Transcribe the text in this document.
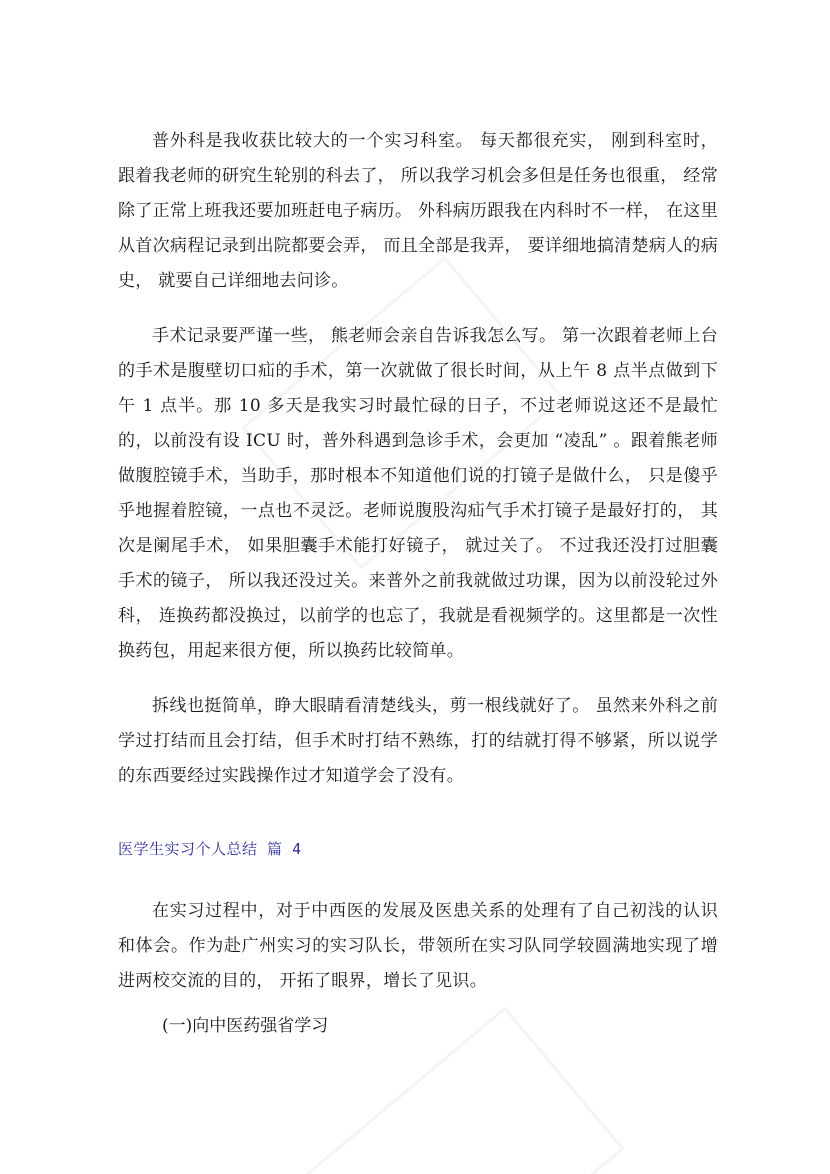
普外科是我收获比较大的一个实习科室。 每天都很充实， 刚到科室时， 跟着我老师的研究生轮别的科去了， 所以我学习机会多但是任务也很重， 经常除了正常上班我还要加班赶电子病历。 外科病历跟我在内科时不一样， 在这里从首次病程记录到出院都要会弄， 而且全部是我弄， 要详细地搞清楚病人的病史， 就要自己详细地去问诊。

手术记录要严谨一些， 熊老师会亲自告诉我怎么写。 第一次跟着老师上台的手术是腹壁切口疝的手术，第一次就做了很长时间，从上午 8 点半点做到下午 1 点半。那 10 多天是我实习时最忙碌的日子，不过老师说这还不是最忙的，以前没有设 ICU 时，普外科遇到急诊手术，会更加 “凌乱” 。跟着熊老师做腹腔镜手术，当助手，那时根本不知道他们说的打镜子是做什么， 只是傻乎乎地握着腔镜，一点也不灵泛。老师说腹股沟疝气手术打镜子是最好打的， 其次是阑尾手术， 如果胆囊手术能打好镜子， 就过关了。 不过我还没打过胆囊手术的镜子， 所以我还没过关。来普外之前我就做过功课，因为以前没轮过外科， 连换药都没换过，以前学的也忘了，我就是看视频学的。这里都是一次性换药包，用起来很方便，所以换药比较简单。

拆线也挺简单，睁大眼睛看清楚线头，剪一根线就好了。 虽然来外科之前学过打结而且会打结，但手术时打结不熟练，打的结就打得不够紧，所以说学的东西要经过实践操作过才知道学会了没有。

医学生实习个人总结 篇 4

在实习过程中，对于中西医的发展及医患关系的处理有了自己初浅的认识和体会。作为赴广州实习的实习队长，带领所在实习队同学较圆满地实现了增进两校交流的目的， 开拓了眼界，增长了见识。

(一)向中医药强省学习
